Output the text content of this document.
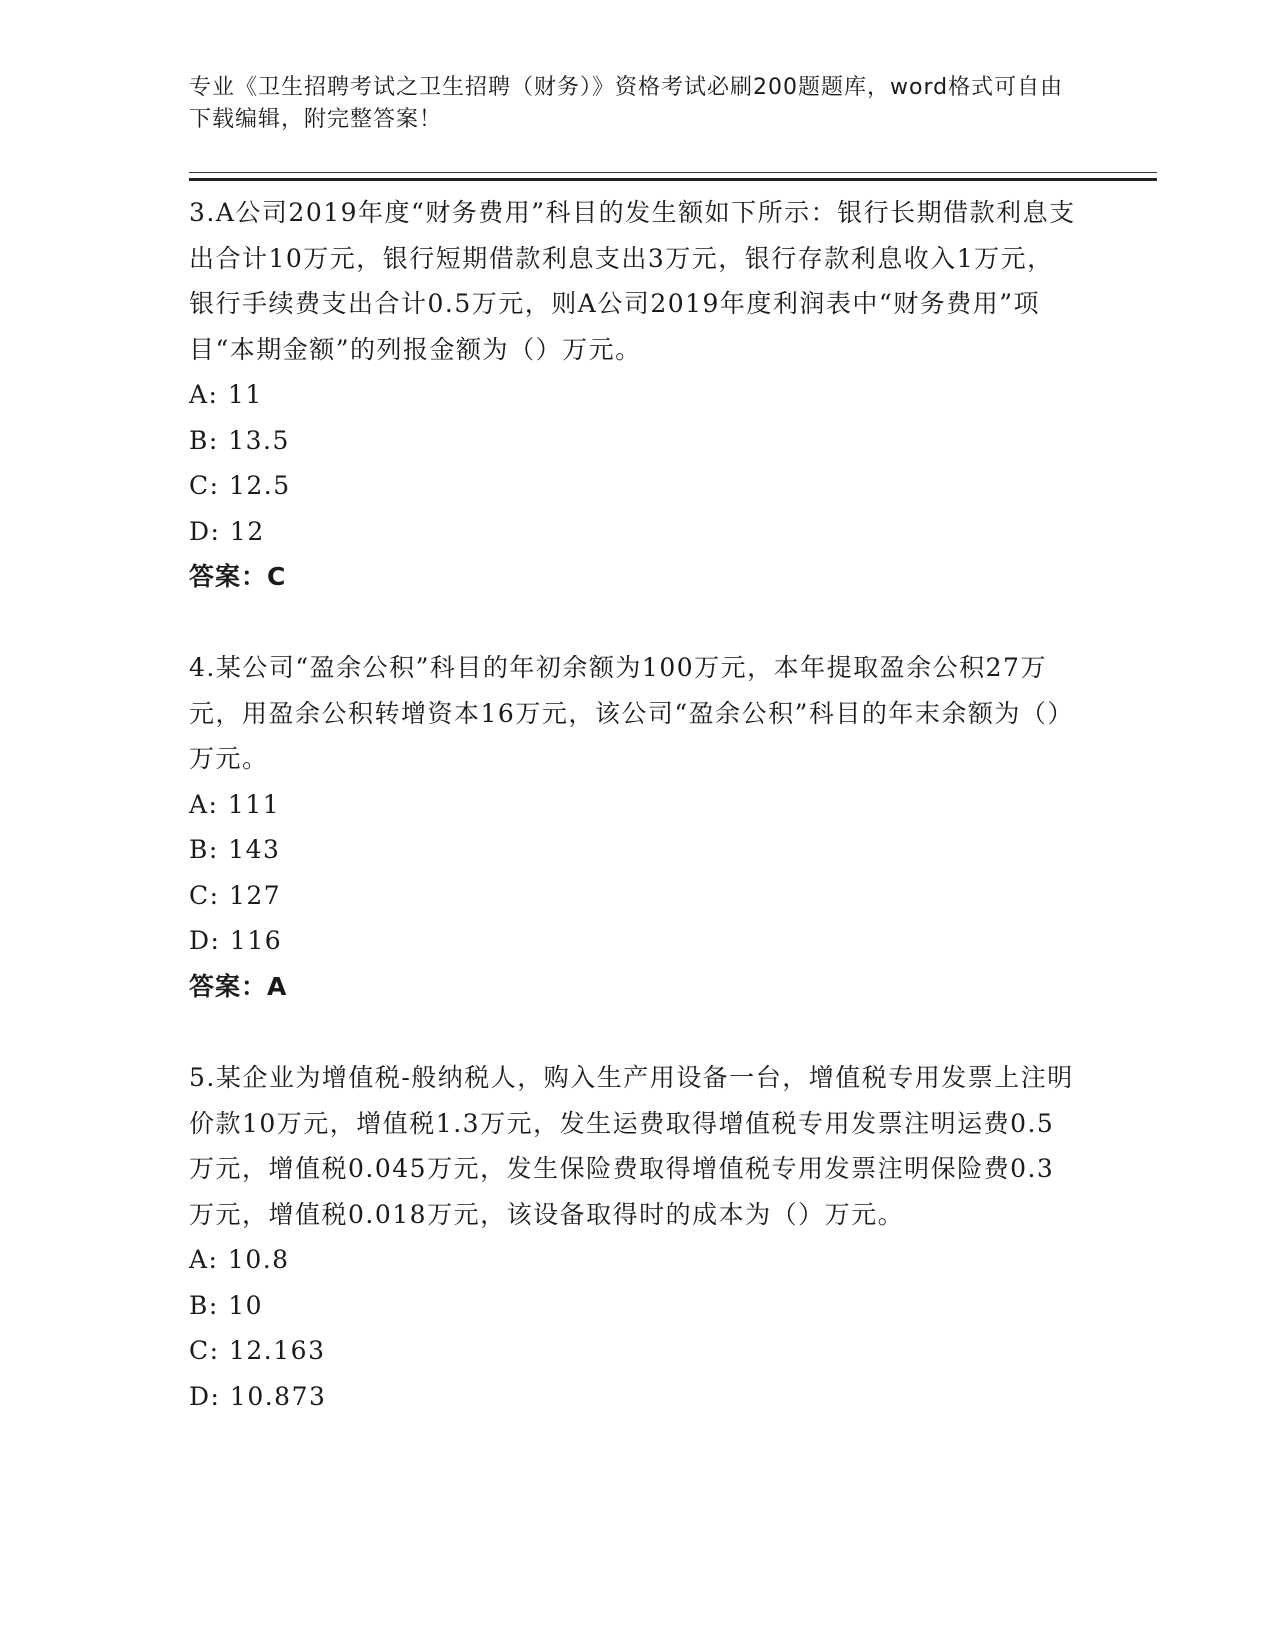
专业《卫生招聘考试之卫生招聘（财务）》资格考试必刷200题题库，word格式可自由下载编辑，附完整答案！
3.A公司2019年度“财务费用”科目的发生额如下所示：银行长期借款利息支出合计10万元，银行短期借款利息支出3万元，银行存款利息收入1万元，银行手续费支出合计0.5万元，则A公司2019年度利润表中“财务费用”项目“本期金额”的列报金额为（）万元。
A: 11
B: 13.5
C: 12.5
D: 12
答案：C
4.某公司“盈余公积”科目的年初余额为100万元，本年提取盈余公积27万元，用盈余公积转增资本16万元，该公司“盈余公积”科目的年末余额为（）万元。
A: 111
B: 143
C: 127
D: 116
答案：A
5.某企业为增值税-般纳税人，购入生产用设备一台，增值税专用发票上注明价款10万元，增值税1.3万元，发生运费取得增值税专用发票注明运费0.5万元，增值税0.045万元，发生保险费取得增值税专用发票注明保险费0.3万元，增值税0.018万元，该设备取得时的成本为（）万元。
A: 10.8
B: 10
C: 12.163
D: 10.873
